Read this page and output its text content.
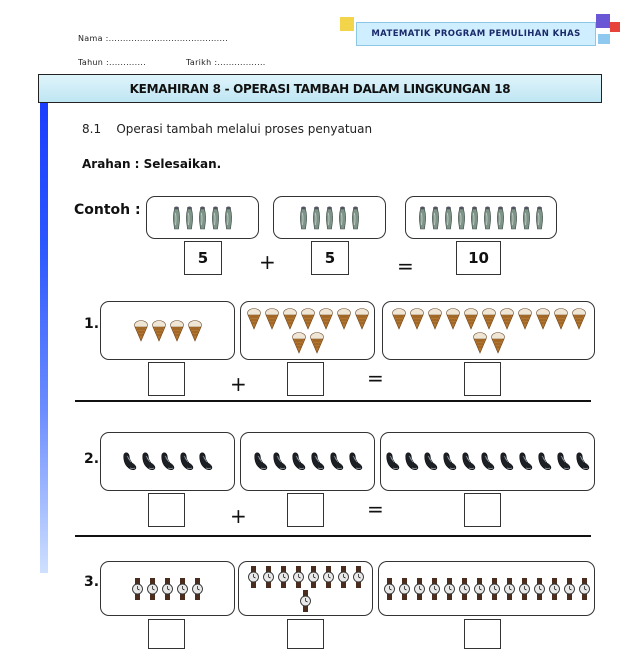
Nama :..........................................
Tahun :.............	Tarikh :.................
MATEMATIK PROGRAM PEMULIHAN KHAS
KEMAHIRAN 8 - OPERASI TAMBAH DALAM LINGKUNGAN 18
8.1    Operasi tambah melalui proses penyatuan
Arahan : Selesaikan.
Contoh :
5	+	5	=	10
1.
+	=
2.
+	=
3.
